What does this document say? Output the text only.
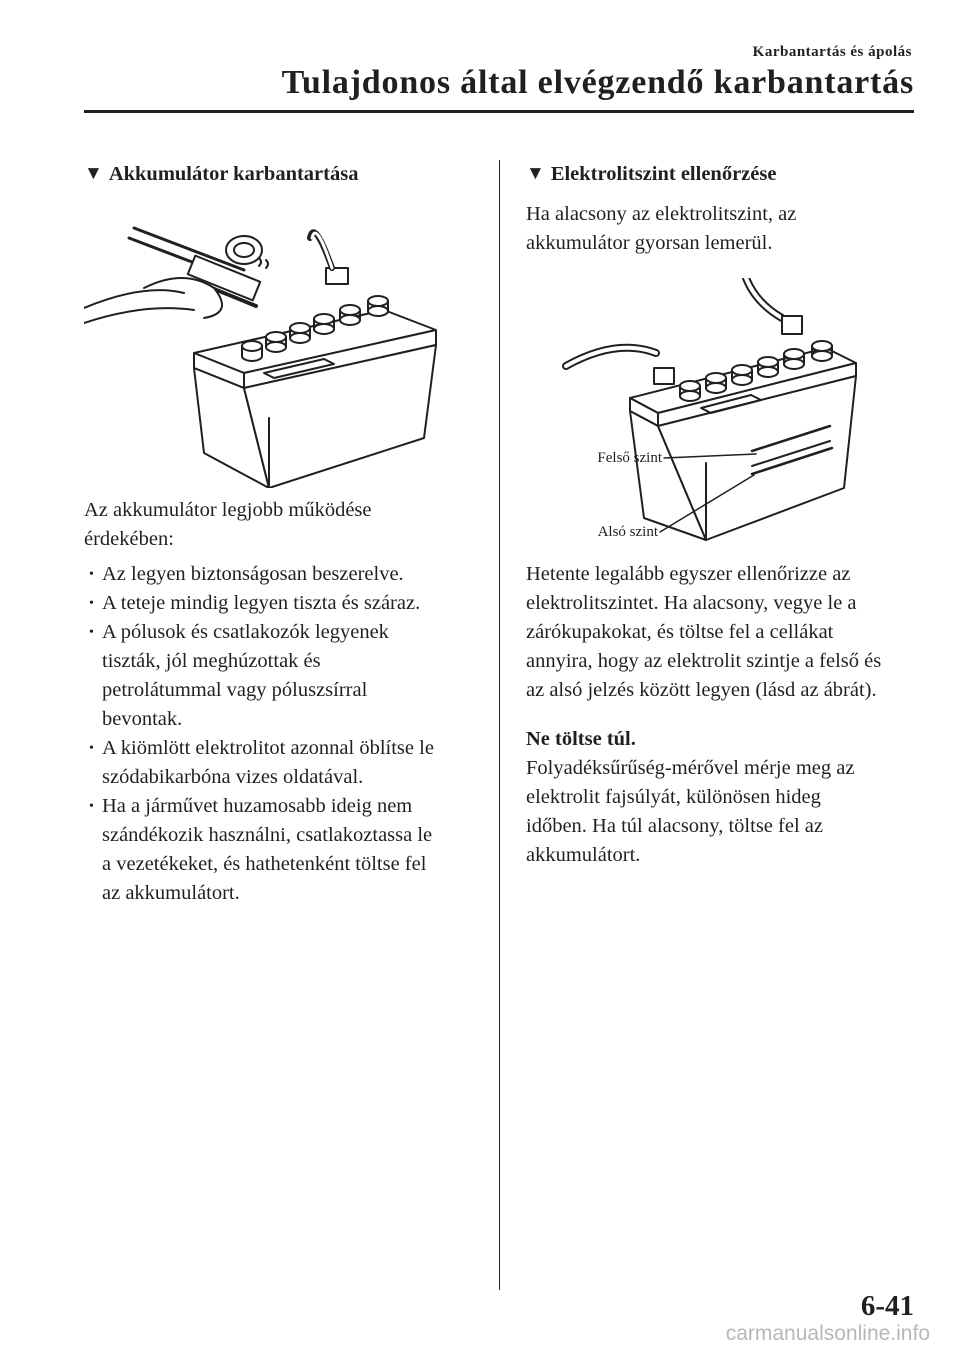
Karbantartás és ápolás
Tulajdonos által elvégzendő karbantartás
▼ Akkumulátor karbantartása

Az akkumulátor legjobb működése

érdekében:

• Az legyen biztonságosan beszerelve.
• A teteje mindig legyen tiszta és száraz.
• A pólusok és csatlakozók legyenek
tiszták, jól meghúzottak és
petrolátummal vagy póluszsírral
bevontak.
• A kiömlött elektrolitot azonnal öblítse le
szódabikarbóna vizes oldatával.
• Ha a járművet huzamosabb ideig nem
szándékozik használni, csatlakoztassa le
a vezetékeket, és hathetenként töltse fel
az akkumulátort.
▼ Elektrolitszint ellenőrzése

Ha alacsony az elektrolitszint, az

akkumulátor gyorsan lemerül.

Felső szint
Alsó szint

Hetente legalább egyszer ellenőrizze az

elektrolitszintet. Ha alacsony, vegye le a

zárókupakokat, és töltse fel a cellákat

annyira, hogy az elektrolit szintje a felső és

az alsó jelzés között legyen (lásd az ábrát).

Ne töltse túl.

Folyadéksűrűség-mérővel mérje meg az

elektrolit fajsúlyát, különösen hideg

időben. Ha túl alacsony, töltse fel az

akkumulátort.

6-41
carmanualsonline.info
